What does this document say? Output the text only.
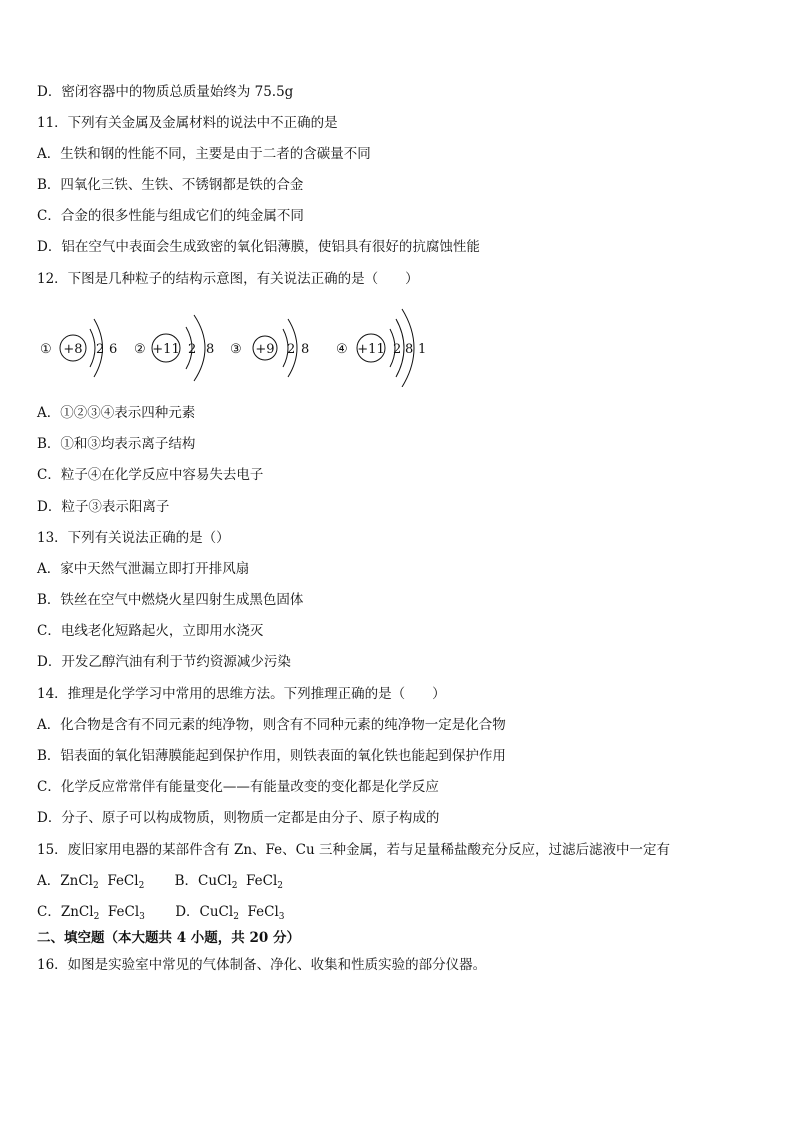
D．密闭容器中的物质总质量始终为 75.5g
11．下列有关金属及金属材料的说法中不正确的是
A．生铁和钢的性能不同，主要是由于二者的含碳量不同
B．四氧化三铁、生铁、不锈钢都是铁的合金
C．合金的很多性能与组成它们的纯金属不同
D．铝在空气中表面会生成致密的氧化铝薄膜，使铝具有很好的抗腐蚀性能
12．下图是几种粒子的结构示意图，有关说法正确的是（　　）
① +8 2 6 ② +11 2 8 ③ +9 2 8 ④ +11 2 8 1
A．①②③④表示四种元素
B．①和③均表示离子结构
C．粒子④在化学反应中容易失去电子
D．粒子③表示阳离子
13．下列有关说法正确的是（）
A．家中天然气泄漏立即打开排风扇
B．铁丝在空气中燃烧火星四射生成黑色固体
C．电线老化短路起火，立即用水浇灭
D．开发乙醇汽油有利于节约资源减少污染
14．推理是化学学习中常用的思维方法。下列推理正确的是（　　）
A．化合物是含有不同元素的纯净物，则含有不同种元素的纯净物一定是化合物
B．铝表面的氧化铝薄膜能起到保护作用，则铁表面的氧化铁也能起到保护作用
C．化学反应常常伴有能量变化——有能量改变的变化都是化学反应
D．分子、原子可以构成物质，则物质一定都是由分子、原子构成的
15．废旧家用电器的某部件含有 Zn、Fe、Cu 三种金属，若与足量稀盐酸充分反应，过滤后滤液中一定有
A．ZnCl$_2$ FeCl$_2$ B．CuCl$_2$ FeCl$_2$
C．ZnCl$_2$ FeCl$_3$ D．CuCl$_2$ FeCl$_3$
二、填空题（本大题共 4 小题，共 20 分）
16．如图是实验室中常见的气体制备、净化、收集和性质实验的部分仪器。
